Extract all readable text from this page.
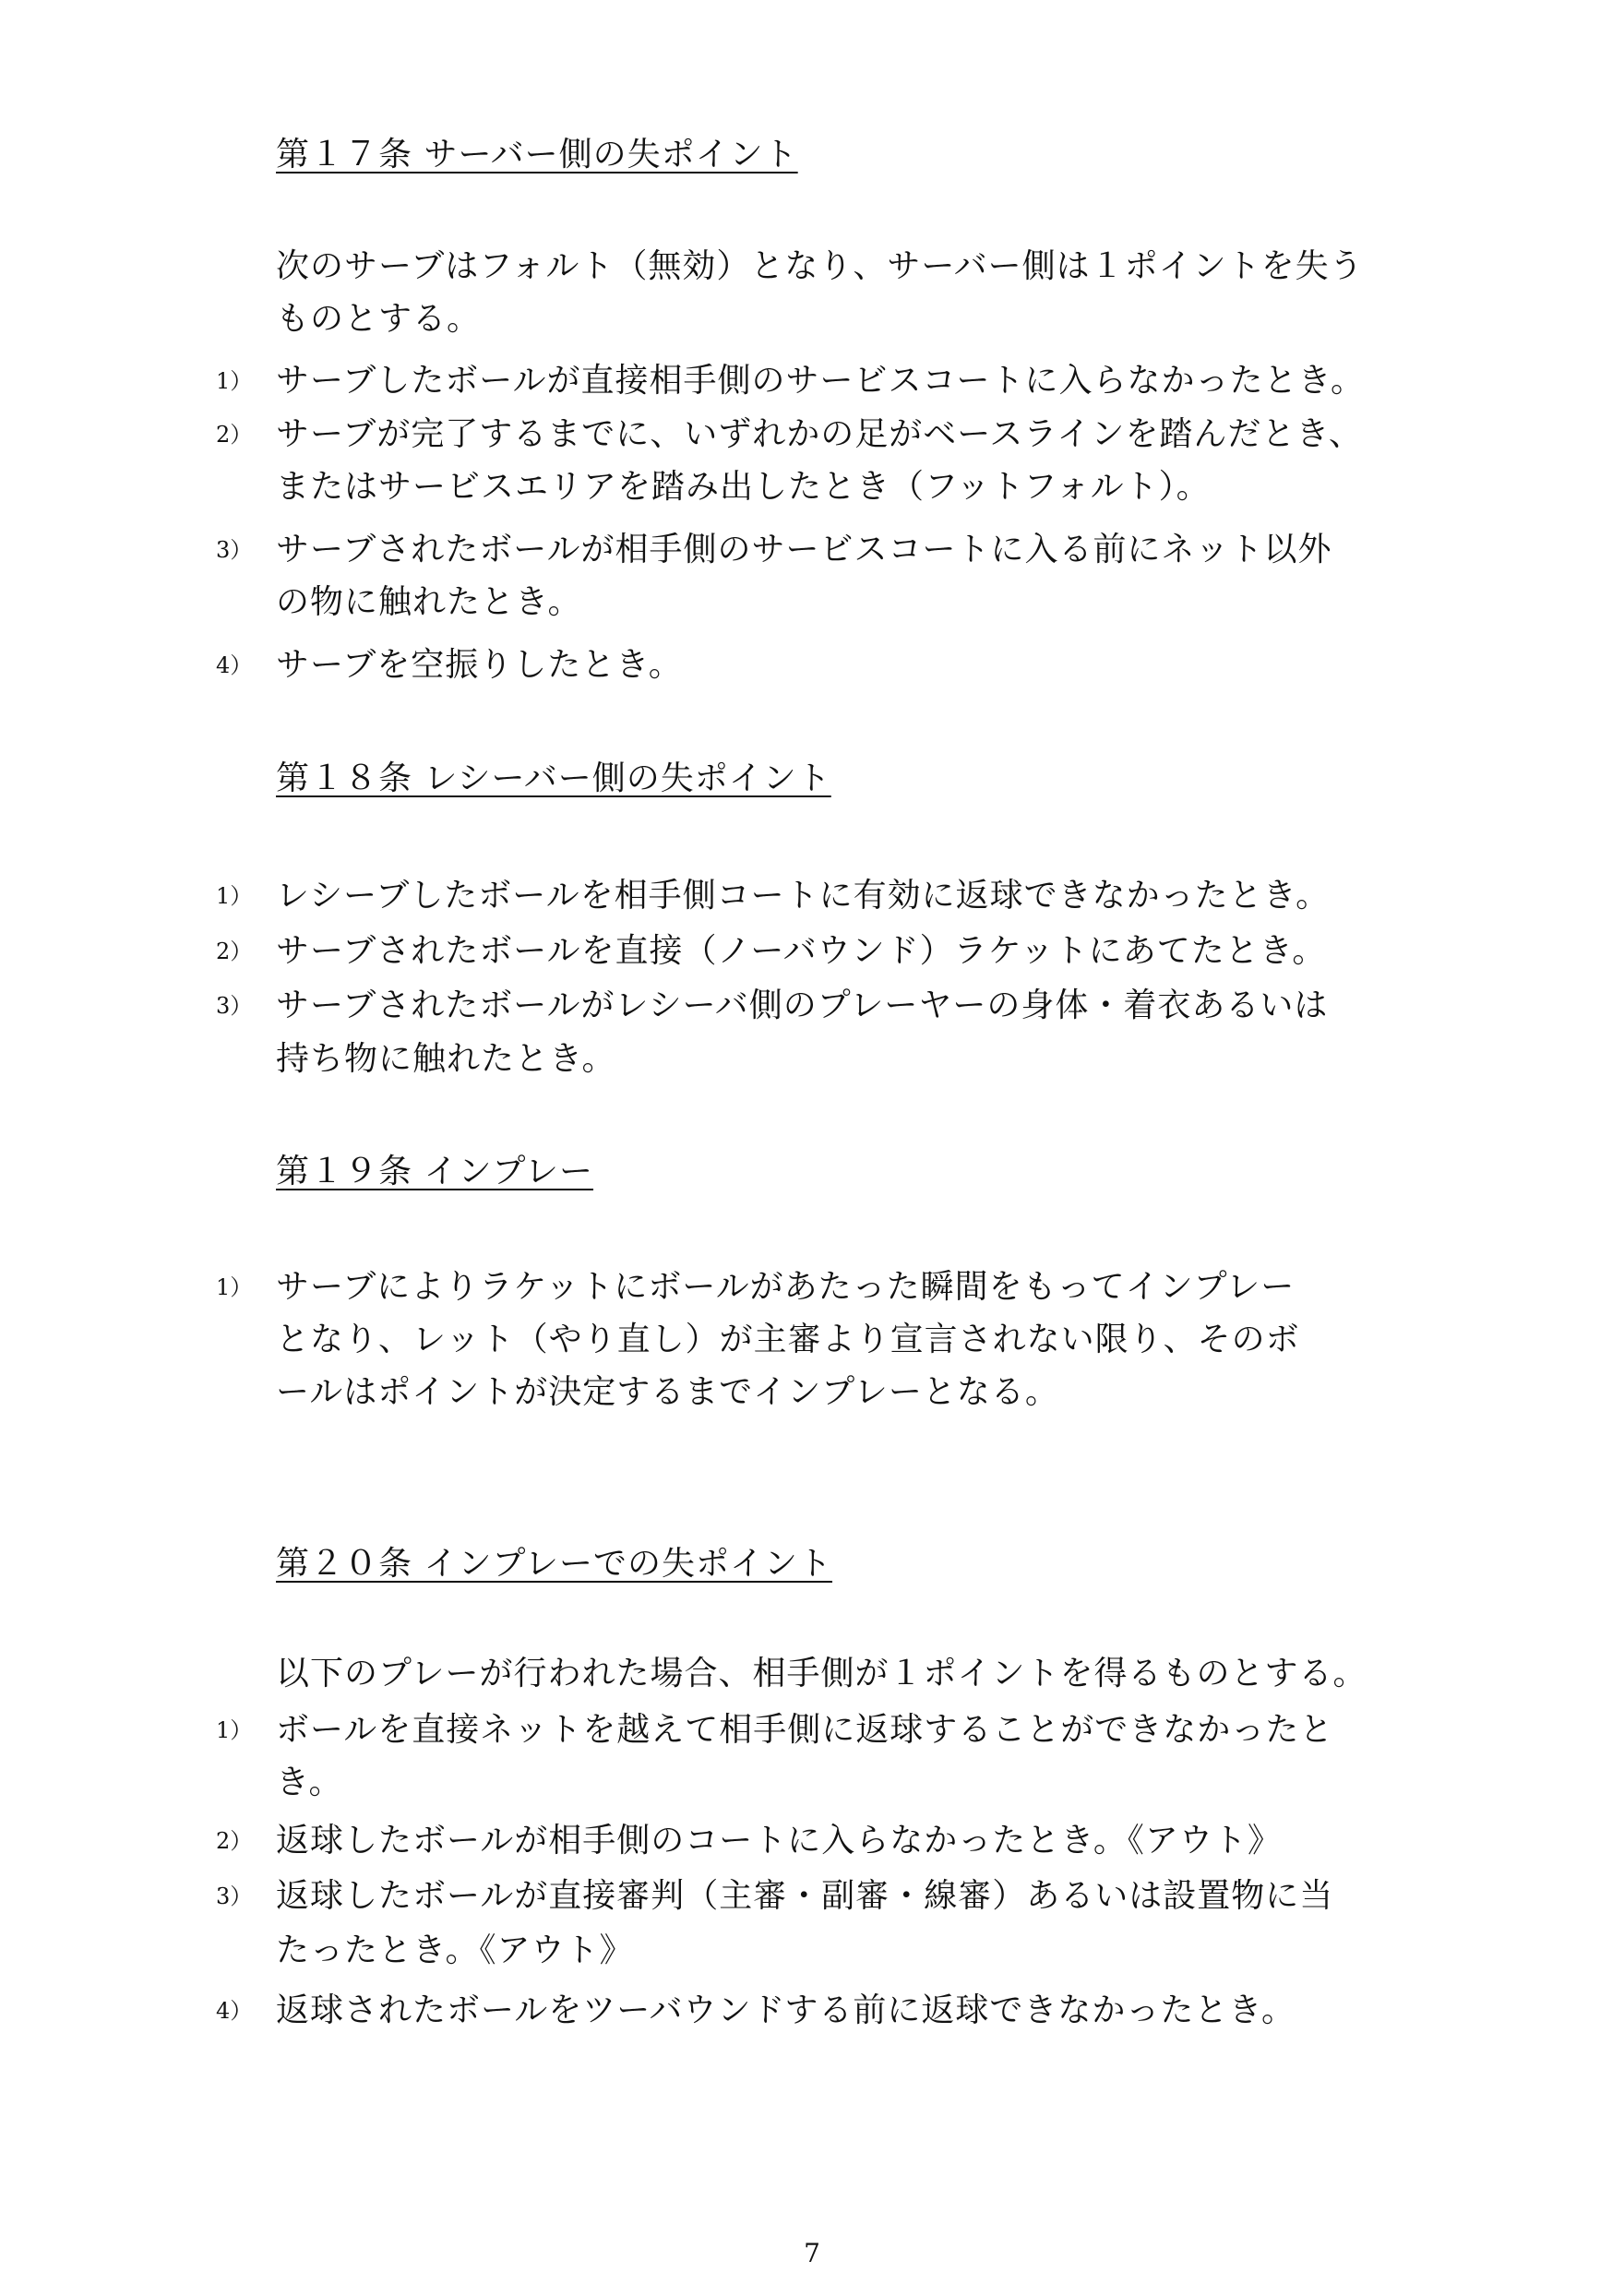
第１７条 サーバー側の失ポイント
次のサーブはフォルト（無効）となり、サーバー側は１ポイントを失う
ものとする。
1） サーブしたボールが直接相手側のサービスコートに入らなかったとき。
2） サーブが完了するまでに、いずれかの足がベースラインを踏んだとき、
またはサービスエリアを踏み出したとき（フットフォルト）。
3） サーブされたボールが相手側のサービスコートに入る前にネット以外
の物に触れたとき。
4） サーブを空振りしたとき。
第１８条 レシーバー側の失ポイント
1） レシーブしたボールを相手側コートに有効に返球できなかったとき。
2） サーブされたボールを直接（ノーバウンド）ラケットにあてたとき。
3） サーブされたボールがレシーバ側のプレーヤーの身体・着衣あるいは
持ち物に触れたとき。
第１９条 インプレー
1） サーブによりラケットにボールがあたった瞬間をもってインプレー
となり、レット（やり直し）が主審より宣言されない限り、そのボ
ールはポイントが決定するまでインプレーとなる。
第２０条 インプレーでの失ポイント
以下のプレーが行われた場合、相手側が１ポイントを得るものとする。
1） ボールを直接ネットを越えて相手側に返球することができなかったと
き。
2） 返球したボールが相手側のコートに入らなかったとき。《アウト》
3） 返球したボールが直接審判（主審・副審・線審）あるいは設置物に当
たったとき。《アウト》
4） 返球されたボールをツーバウンドする前に返球できなかったとき。
7
